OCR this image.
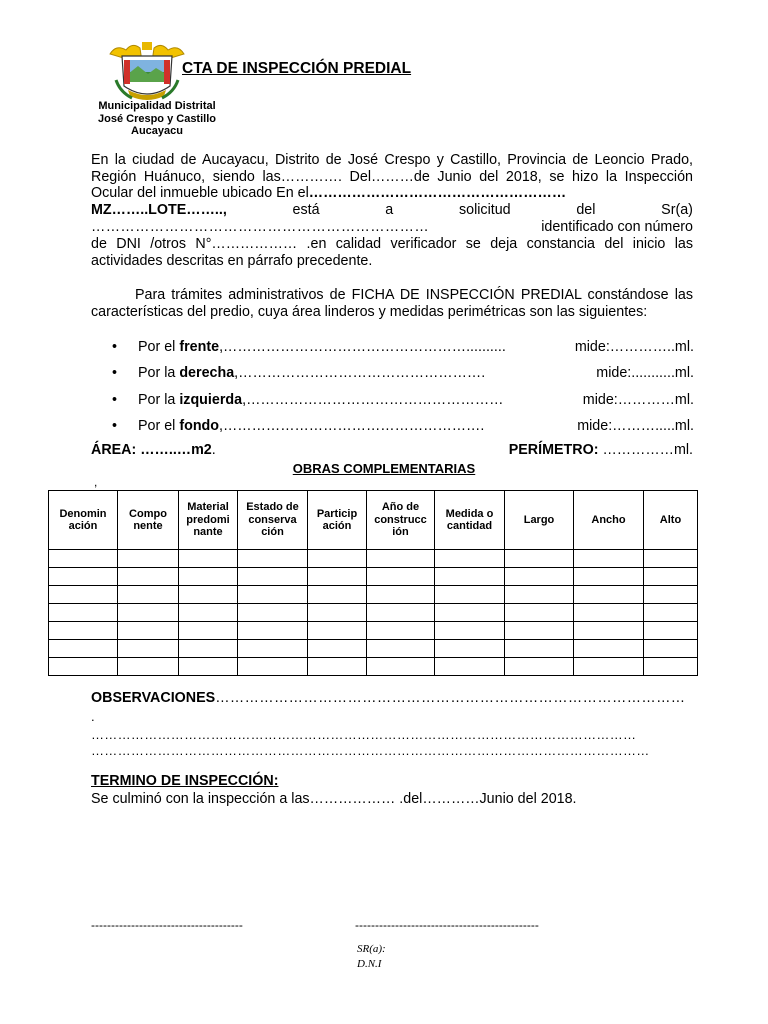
CTA DE INSPECCIÓN PREDIAL
Municipalidad Distrital
José Crespo y Castillo
Aucayacu
En la ciudad de Aucayacu, Distrito de José Crespo y Castillo, Provincia de Leoncio Prado, Región Huánuco, siendo las…………. Del………de Junio del 2018, se hizo la Inspección Ocular del inmueble ubicado En el………………………………………………
MZ……..LOTE……..,	está	a	solicitud	del	Sr(a)
……………………………………………………………	identificado con número
de DNI /otros N°……………… .en calidad verificador se deja constancia del inicio las actividades descritas en párrafo precedente.
Para trámites administrativos de FICHA DE INSPECCIÓN PREDIAL constándose las características del predio, cuya área linderos y medidas perimétricas son las siguientes:
• Por el frente,……………………………………………..........	mide:…………..ml.
• Por la derecha,…………………………………………….	mide:...........ml.
• Por la izquierda,………………………………………………	mide:…………ml.
• Por el fondo,……………………………………………….	mide:……….....ml.
ÁREA: ……..…m2.	PERÍMETRO: ……………ml.
OBRAS COMPLEMENTARIAS
,
Denomin ación	Compo nente	Material predomi nante	Estado de conserva ción	Particip ación	Año de construcc ión	Medida o cantidad	Largo	Ancho	Alto

OBSERVACIONES……………………………………………………………………………………
.
……………………………………………………………………………………………………………
………………………………………………………………………………………………………………
TERMINO DE INSPECCIÓN:
Se culminó con la inspección a las……………… .del…………Junio del 2018.
--------------------------------------	----------------------------------------------
SR(a):
D.N.I
